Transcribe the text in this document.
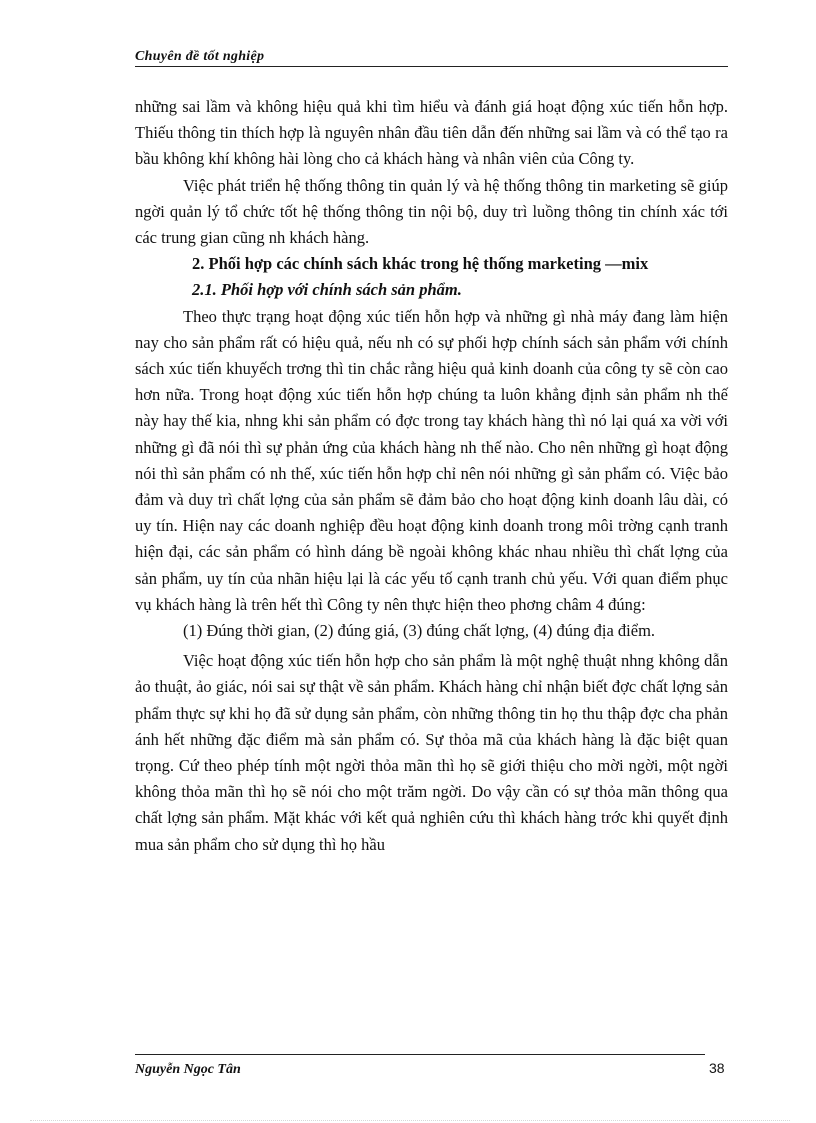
Chuyên đề tốt nghiệp

những sai lầm và không hiệu quả khi tìm hiểu và đánh giá hoạt động xúc tiến hỗn hợp. Thiếu thông tin thích hợp là nguyên nhân đầu tiên dẫn đến những sai lầm và có thể tạo ra bầu không khí không hài lòng cho cả khách hàng và nhân viên của Công ty.

Việc phát triển hệ thống thông tin quản lý và hệ thống thông tin marketing sẽ giúp ngời quản lý tổ chức tốt hệ thống thông tin nội bộ, duy trì luồng thông tin chính xác tới các trung gian cũng nh khách hàng.

2. Phối hợp các chính sách khác trong hệ thống marketing —mix

2.1. Phối hợp với chính sách sản phẩm.

Theo thực trạng hoạt động xúc tiến hỗn hợp và những gì nhà máy đang làm hiện nay cho sản phẩm rất có hiệu quả, nếu nh có sự phối hợp chính sách sản phẩm với chính sách xúc tiến khuyếch trơng thì tin chắc rằng hiệu quả kinh doanh của công ty sẽ còn cao hơn nữa. Trong hoạt động xúc tiến hỗn hợp chúng ta luôn khẳng định sản phẩm nh thế này hay thế kia, nhng khi sản phẩm có đợc trong tay khách hàng thì nó lại quá xa vời với những gì đã nói thì sự phản ứng của khách hàng nh thế nào. Cho nên những gì hoạt động nói thì sản phẩm có nh thế, xúc tiến hỗn hợp chỉ nên nói những gì sản phẩm có. Việc bảo đảm và duy trì chất lợng của sản phẩm sẽ đảm bảo cho hoạt động kinh doanh lâu dài, có uy tín. Hiện nay các doanh nghiệp đều hoạt động kinh doanh trong môi trờng cạnh tranh hiện đại, các sản phẩm có hình dáng bề ngoài không khác nhau nhiều thì chất lợng của sản phẩm, uy tín của nhãn hiệu lại là các yếu tố cạnh tranh chủ yếu. Với quan điểm phục vụ khách hàng là trên hết thì Công ty nên thực hiện theo phơng châm 4 đúng:

(1) Đúng thời gian, (2) đúng giá, (3) đúng chất lợng, (4) đúng địa điểm.

Việc hoạt động xúc tiến hỗn hợp cho sản phẩm là một nghệ thuật nhng không dẫn ảo thuật, ảo giác, nói sai sự thật về sản phẩm. Khách hàng chỉ nhận biết đợc chất lợng sản phẩm thực sự khi họ đã sử dụng sản phẩm, còn những thông tin họ thu thập đợc cha phản ánh hết những đặc điểm mà sản phẩm có. Sự thỏa mã của khách hàng là đặc biệt quan trọng. Cứ theo phép tính một ngời thỏa mãn thì họ sẽ giới thiệu cho mời ngời, một ngời không thỏa mãn thì họ sẽ nói cho một trăm ngời. Do vậy cần có sự thỏa mãn thông qua chất lợng sản phẩm. Mặt khác với kết quả nghiên cứu thì khách hàng trớc khi quyết định mua sản phẩm cho sử dụng thì họ hầu

Nguyễn Ngọc Tân	38
